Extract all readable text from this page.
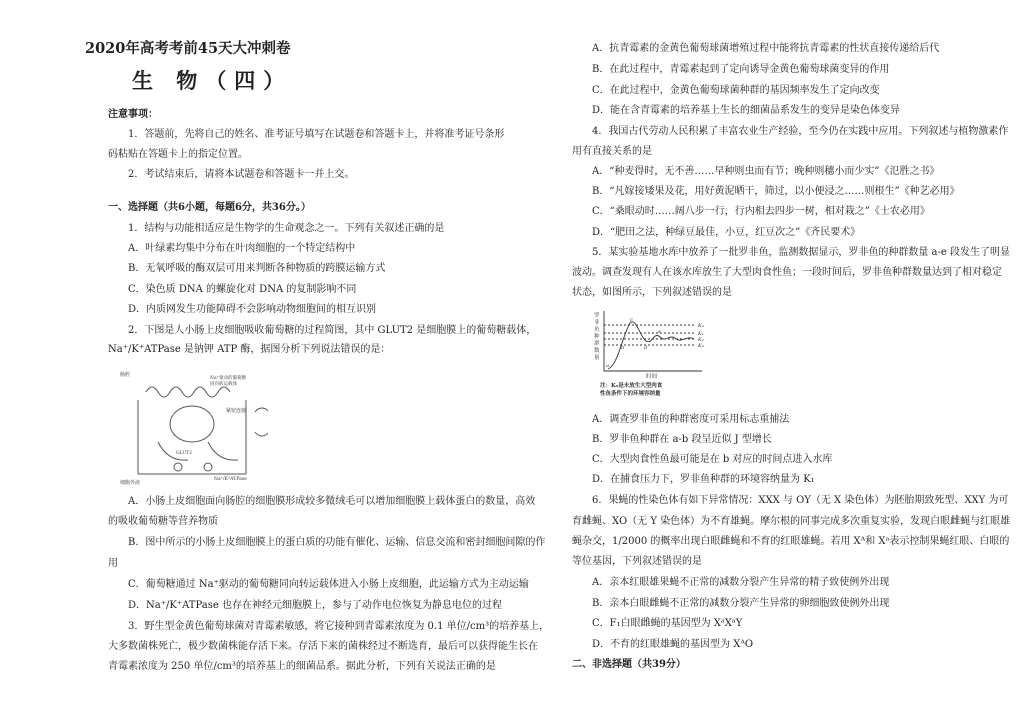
2020年高考考前45天大冲刺卷
生 物（四）
注意事项：
1．答题前，先将自己的姓名、准考证号填写在试题卷和答题卡上，并将准考证号条形
码粘贴在答题卡上的指定位置。
2．考试结束后，请将本试题卷和答题卡一并上交。
一、选择题（共6小题，每题6分，共36分。）
1．结构与功能相适应是生物学的生命观念之一。下列有关叙述正确的是
A．叶绿素均集中分布在叶肉细胞的一个特定结构中
B．无氧呼吸的酶双层可用来判断各种物质的跨膜运输方式
C．染色质 DNA 的螺旋化对 DNA 的复制影响不同
D．内质网发生功能障碍不会影响动物细胞间的相互识别
2．下图是人小肠上皮细胞吸收葡萄糖的过程简图，其中 GLUT2 是细胞膜上的葡萄糖载体，
Na⁺/K⁺ATPase 是钠钾 ATP 酶，据图分析下列说法错误的是：
肠腔
Na⁺驱动的葡萄糖
同向转运载体
紧密连接
细胞外液
GLUT2
Na⁺/K⁺ATPase
A．小肠上皮细胞面向肠腔的细胞膜形成较多微绒毛可以增加细胞膜上载体蛋白的数量，高效
的吸收葡萄糖等营养物质
B．图中所示的小肠上皮细胞膜上的蛋白质的功能有催化、运输、信息交流和密封细胞间隙的作
用
C．葡萄糖通过 Na⁺驱动的葡萄糖同向转运载体进入小肠上皮细胞，此运输方式为主动运输
D．Na⁺/K⁺ATPase 也存在神经元细胞膜上，参与了动作电位恢复为静息电位的过程
3．野生型金黄色葡萄球菌对青霉素敏感，将它接种到青霉素浓度为 0.1 单位/cm³的培养基上，
大多数菌株死亡，极少数菌株能存活下来。存活下来的菌株经过不断选育，最后可以获得能生长在
青霉素浓度为 250 单位/cm³的培养基上的细菌品系。据此分析，下列有关说法正确的是
A．抗青霉素的金黄色葡萄球菌增殖过程中能将抗青霉素的性状直接传递给后代
B．在此过程中，青霉素起到了定向诱导金黄色葡萄球菌变异的作用
C．在此过程中，金黄色葡萄球菌种群的基因频率发生了定向改变
D．能在含青霉素的培养基上生长的细菌品系发生的变异是染色体变异
4．我国古代劳动人民积累了丰富农业生产经验，至今仍在实践中应用。下列叙述与植物激素作
用有直接关系的是
A．“种麦得时，无不善……早种则虫而有节；晚种则穗小而少实”《氾胜之书》
B．“凡嫁接矮果及花，用好黄泥晒干，筛过，以小便浸之……则根生”《种艺必用》
C．“桑眼动时……阔八步一行，行内相去四步一树，相对栽之”《士农必用》
D．“肥田之法，种绿豆最佳，小豆，红豆次之”《齐民要术》
5．某实验基地水库中放养了一批罗非鱼，监测数据显示，罗非鱼的种群数量 a-e 段发生了明显
波动。调查发现有人在该水库放生了大型肉食性鱼；一段时间后，罗非鱼种群数量达到了相对稳定
状态，如图所示，下列叙述错误的是
罗
非
鱼
种
群
数
量
K₀
K₁
K₂
K₃
a
b
c
d
e
时间
注：K₀是未放生大型肉食
性鱼条件下的环境容纳量
A．调查罗非鱼的种群密度可采用标志重捕法
B．罗非鱼种群在 a-b 段呈近似 J 型增长
C．大型肉食性鱼最可能是在 b 对应的时间点进入水库
D．在捕食压力下，罗非鱼种群的环境容纳量为 K₁
6．果蝇的性染色体有如下异常情况：XXX 与 OY（无 X 染色体）为胚胎期致死型、XXY 为可
育雌蝇、XO（无 Y 染色体）为不育雄蝇。摩尔根的同事完成多次重复实验，发现白眼雌蝇与红眼雄
蝇杂交，1/2000 的概率出现白眼雌蝇和不育的红眼雄蝇。若用 Xᴬ和 Xᵃ表示控制果蝇红眼、白眼的
等位基因，下列叙述错误的是
A．亲本红眼雄果蝇不正常的减数分裂产生异常的精子致使例外出现
B．亲本白眼雌蝇不正常的减数分裂产生异常的卵细胞致使例外出现
C．F₁白眼雌蝇的基因型为 XᵃXᵃY
D．不育的红眼雄蝇的基因型为 XᴬO
二、非选择题（共39分）
